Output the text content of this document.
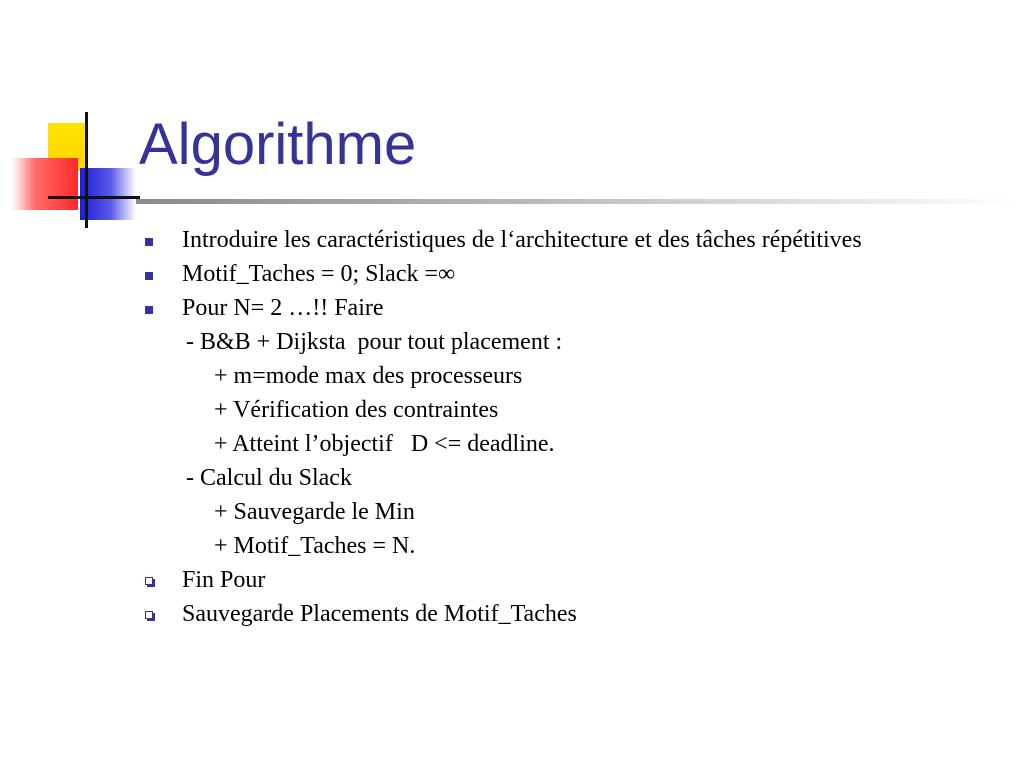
Algorithme
Introduire les caractéristiques de l‘architecture et des tâches répétitives
Motif_Taches = 0; Slack =∞
Pour N= 2 …!! Faire
- B&B + Dijksta  pour tout placement :
+ m=mode max des processeurs
+ Vérification des contraintes
+ Atteint l’objectif   D <= deadline.
- Calcul du Slack
+ Sauvegarde le Min
+ Motif_Taches = N.
Fin Pour
Sauvegarde Placements de Motif_Taches
